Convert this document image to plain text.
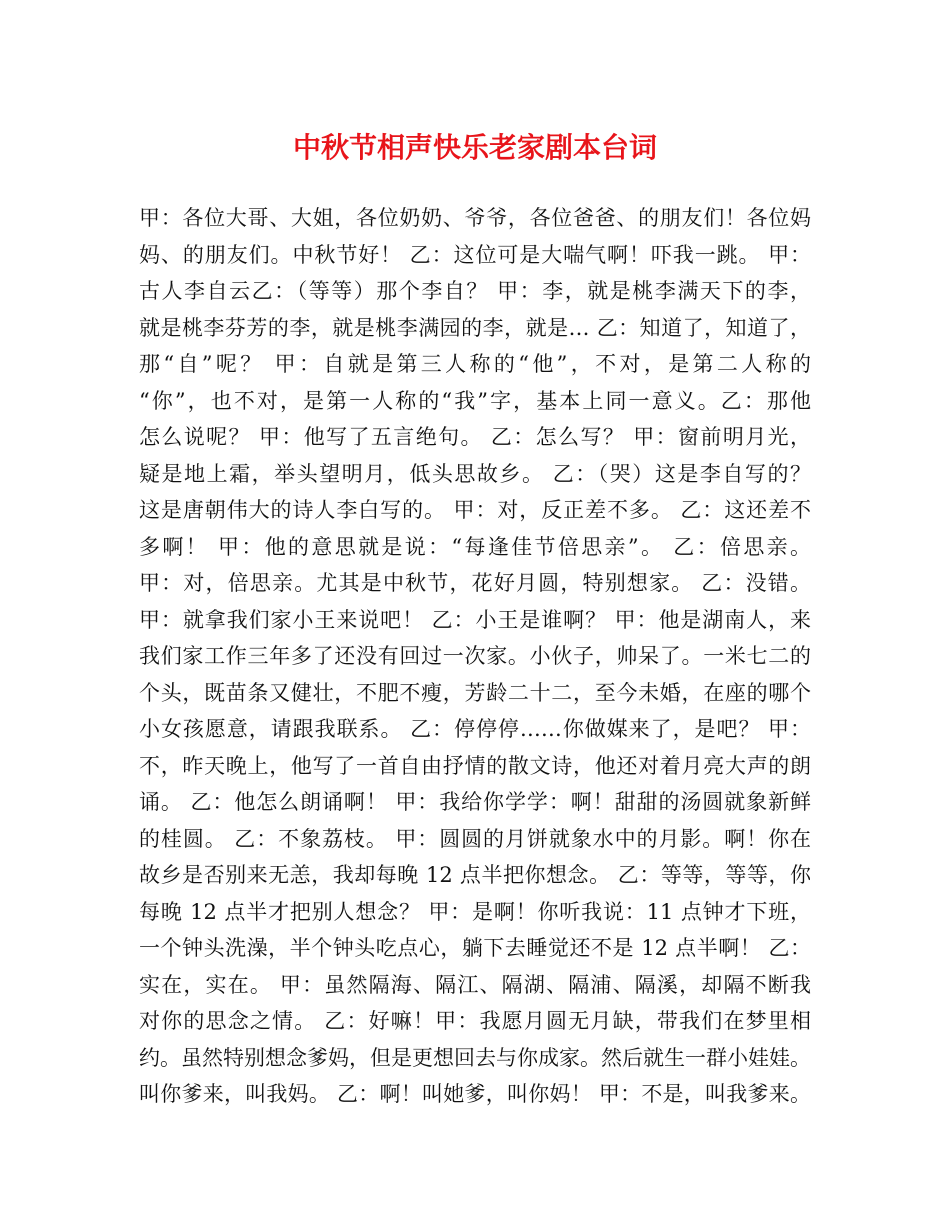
中秋节相声快乐老家剧本台词
甲：各位大哥、大姐，各位奶奶、爷爷，各位爸爸、的朋友们！各位妈
妈、的朋友们。中秋节好！ 乙：这位可是大喘气啊！吓我一跳。 甲：
古人李自云乙：（等等）那个李自？ 甲：李，就是桃李满天下的李，
就是桃李芬芳的李，就是桃李满园的李，就是… 乙：知道了，知道了，
那“自”呢？ 甲：自就是第三人称的“他”，不对，是第二人称的
“你”，也不对，是第一人称的“我”字，基本上同一意义。乙：那他
怎么说呢？ 甲：他写了五言绝句。 乙：怎么写？ 甲：窗前明月光，
疑是地上霜，举头望明月，低头思故乡。 乙：（哭）这是李自写的？
这是唐朝伟大的诗人李白写的。 甲：对，反正差不多。 乙：这还差不
多啊！ 甲：他的意思就是说：“每逢佳节倍思亲”。 乙：倍思亲。
甲：对，倍思亲。尤其是中秋节，花好月圆，特别想家。 乙：没错。
甲：就拿我们家小王来说吧！ 乙：小王是谁啊？ 甲：他是湖南人，来
我们家工作三年多了还没有回过一次家。小伙子，帅呆了。一米七二的
个头，既苗条又健壮，不肥不瘦，芳龄二十二，至今未婚，在座的哪个
小女孩愿意，请跟我联系。 乙：停停停……你做媒来了，是吧？ 甲：
不，昨天晚上，他写了一首自由抒情的散文诗，他还对着月亮大声的朗
诵。 乙：他怎么朗诵啊！ 甲：我给你学学：啊！甜甜的汤圆就象新鲜
的桂圆。 乙：不象荔枝。 甲：圆圆的月饼就象水中的月影。啊！你在
故乡是否别来无恙，我却每晚 12 点半把你想念。 乙：等等，等等，你
每晚 12 点半才把别人想念？ 甲：是啊！你听我说：11 点钟才下班，
一个钟头洗澡，半个钟头吃点心，躺下去睡觉还不是 12 点半啊！ 乙：
实在，实在。 甲：虽然隔海、隔江、隔湖、隔浦、隔溪，却隔不断我
对你的思念之情。 乙：好嘛！甲：我愿月圆无月缺，带我们在梦里相
约。虽然特别想念爹妈，但是更想回去与你成家。然后就生一群小娃娃。
叫你爹来，叫我妈。 乙：啊！叫她爹，叫你妈！ 甲：不是，叫我爹来。
